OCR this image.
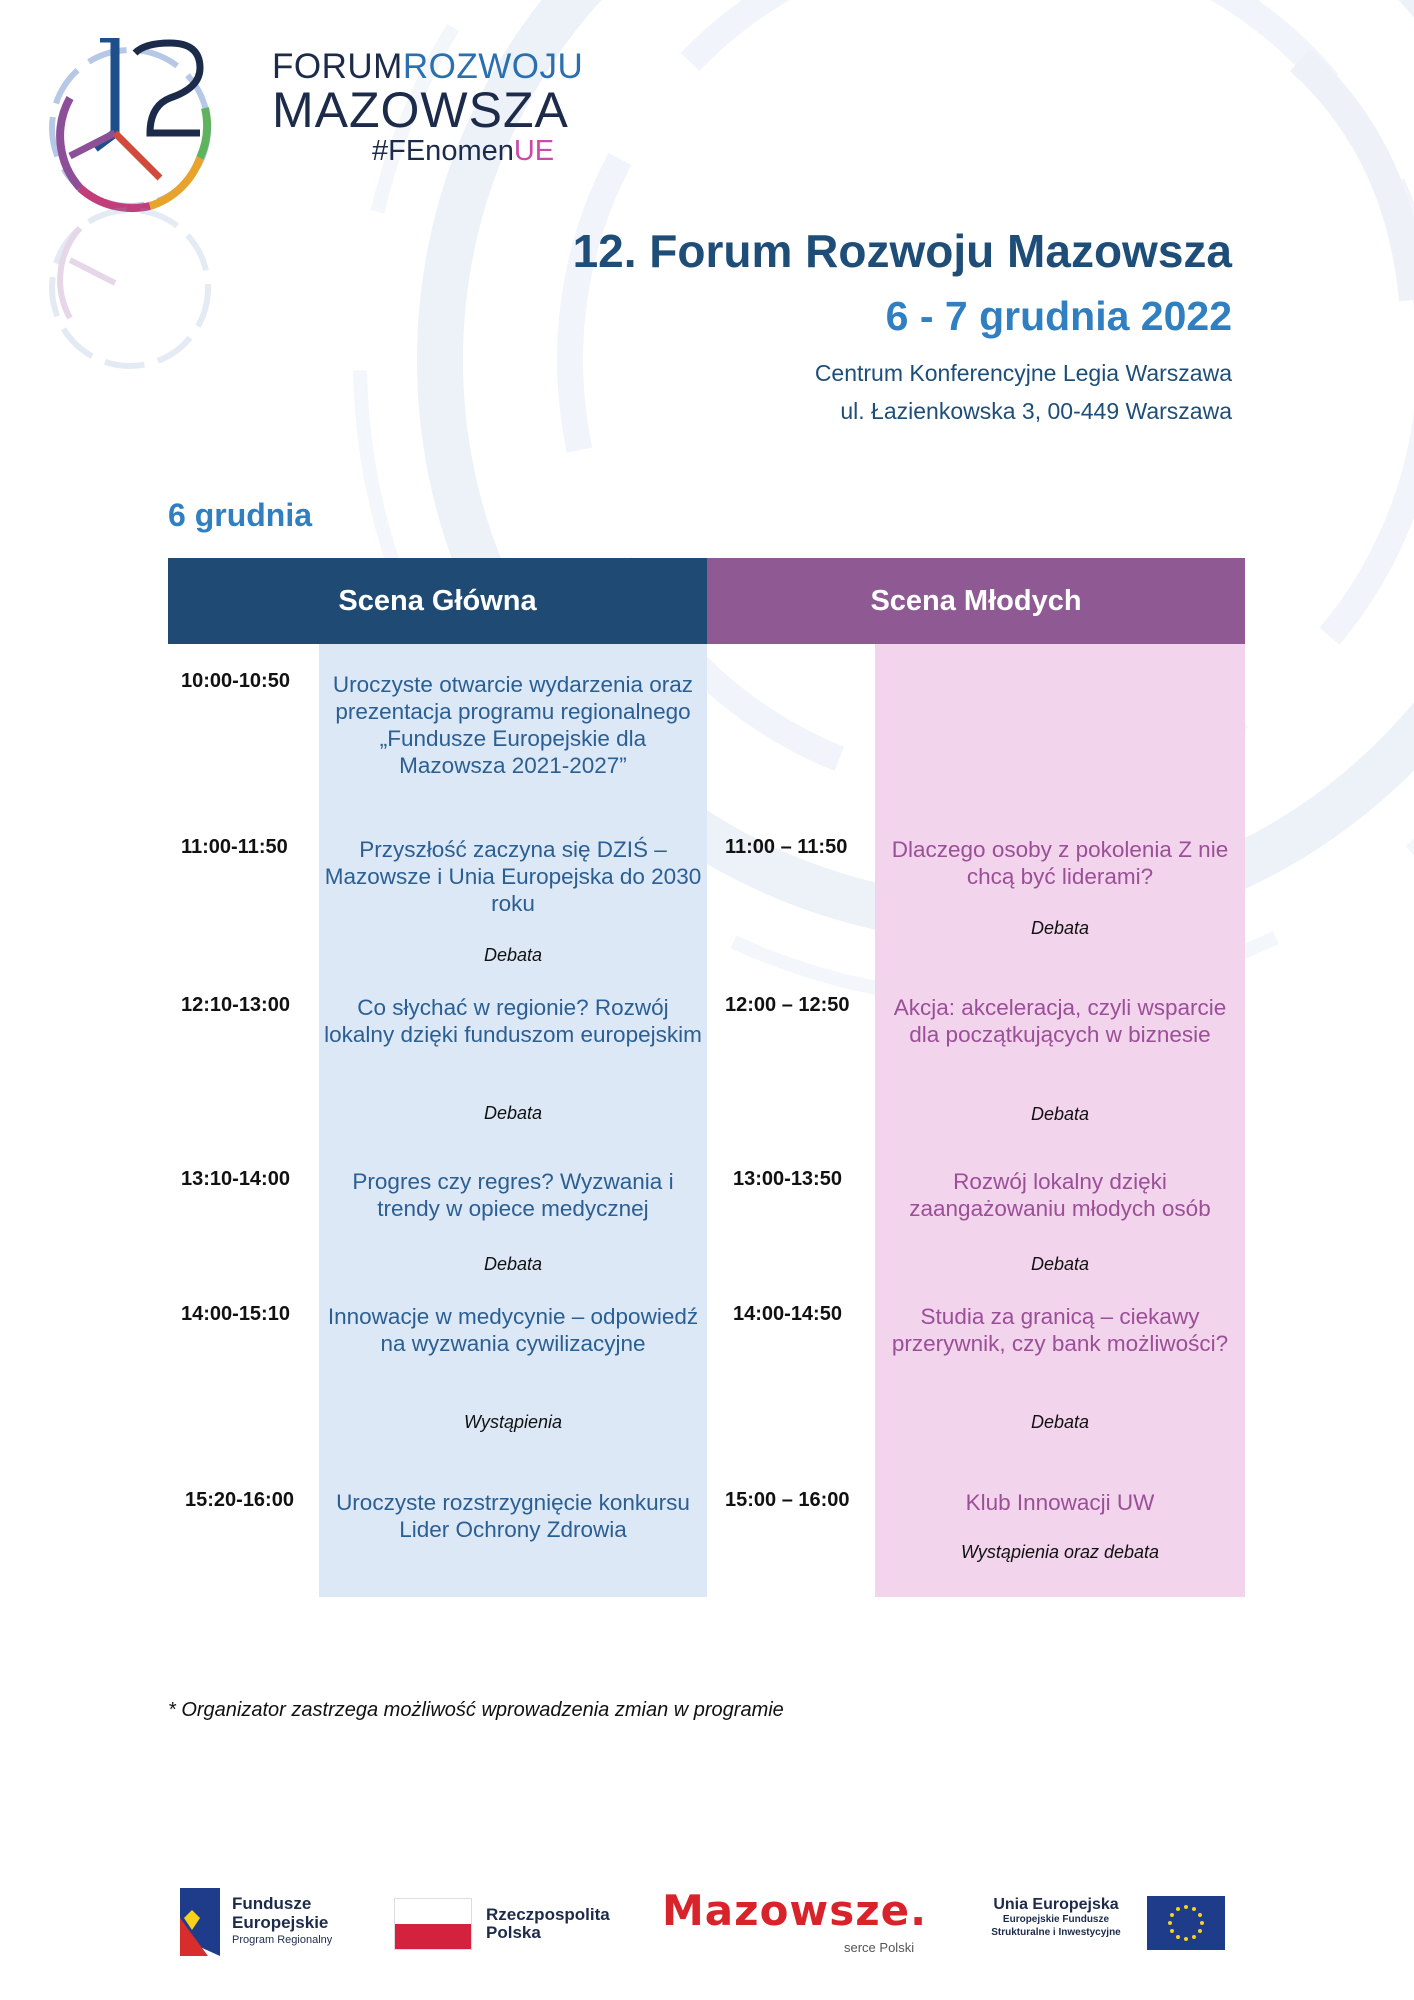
FORUMROZWOJU
MAZOWSZA
#FEnomenUE
12. Forum Rozwoju Mazowsza
6 - 7 grudnia 2022
Centrum Konferencyjne Legia Warszawa
ul. Łazienkowska 3, 00-449 Warszawa
6 grudnia
Scena Główna	Scena Młodych
10:00-10:50	Uroczyste otwarcie wydarzenia oraz prezentacja programu regionalnego „Fundusze Europejskie dla Mazowsza 2021-2027”
11:00-11:50	Przyszłość zaczyna się DZIŚ – Mazowsze i Unia Europejska do 2030 roku
Debata
12:10-13:00	Co słychać w regionie? Rozwój lokalny dzięki funduszom europejskim
Debata
13:10-14:00	Progres czy regres? Wyzwania i trendy w opiece medycznej
Debata
14:00-15:10 Innowacje w medycynie – odpowiedź na wyzwania cywilizacyjne
Wystąpienia
15:20-16:00	Uroczyste rozstrzygnięcie konkursu Lider Ochrony Zdrowia
11:00 – 11:50	Dlaczego osoby z pokolenia Z nie chcą być liderami?
Debata
12:00 – 12:50	Akcja: akceleracja, czyli wsparcie dla początkujących w biznesie
Debata
13:00-13:50	Rozwój lokalny dzięki zaangażowaniu młodych osób
Debata
14:00-14:50	Studia za granicą – ciekawy przerywnik, czy bank możliwości?
Debata
15:00 – 16:00	Klub Innowacji UW
Wystąpienia oraz debata
* Organizator zastrzega możliwość wprowadzenia zmian w programie
Fundusze
Europejskie
Program Regionalny
Rzeczpospolita
Polska	Mazowsze.
serce Polski
Unia Europejska
Europejskie Fundusze
Strukturalne i Inwestycyjne
